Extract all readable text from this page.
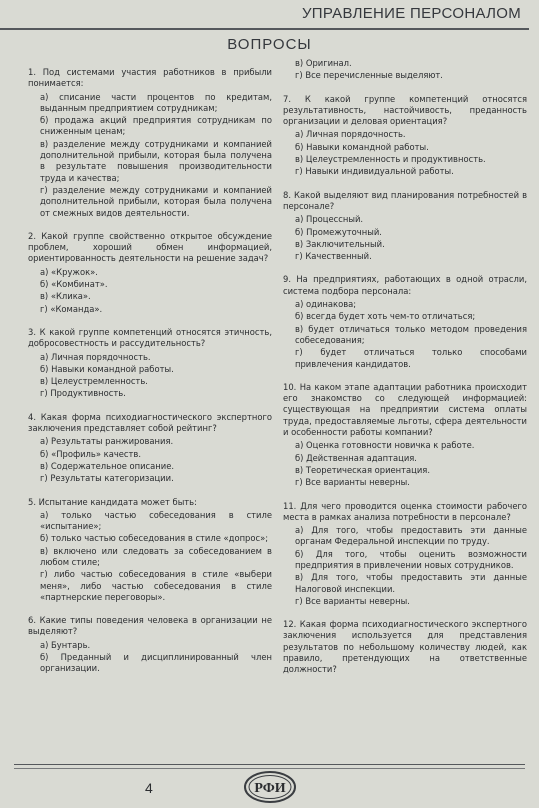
УПРАВЛЕНИЕ ПЕРСОНАЛОМ
ВОПРОСЫ
1. Под системами участия работников в прибыли понимается:
а) списание части процентов по кредитам, выданным предприятием сотрудникам;
б) продажа акций предприятия сотрудникам по сниженным ценам;
в) разделение между сотрудниками и компанией дополнительной прибыли, которая была получена в результате повышения производительности труда и качества;
г) разделение между сотрудниками и компанией дополнительной прибыли, которая была получена от смежных видов деятельности.
2. Какой группе свойственно открытое обсуждение проблем, хороший обмен информацией, ориентированность деятельности на решение задач?
а) «Кружок».
б) «Комбинат».
в) «Клика».
г) «Команда».
3. К какой группе компетенций относятся этичность, добросовестность и рассудительность?
а) Личная порядочность.
б) Навыки командной работы.
в) Целеустремленность.
г) Продуктивность.
4. Какая форма психодиагностического экспертного заключения представляет собой рейтинг?
а) Результаты ранжирования.
б) «Профиль» качеств.
в) Содержательное описание.
г) Результаты категоризации.
5. Испытание кандидата может быть:
а) только частью собеседования в стиле «испытание»;
б) только частью собеседования в стиле «допрос»;
в) включено или следовать за собеседованием в любом стиле;
г) либо частью собеседования в стиле «выбери меня», либо частью собеседования в стиле «партнерские переговоры».
6. Какие типы поведения человека в организации не выделяют?
а) Бунтарь.
б) Преданный и дисциплинированный член организации.
в) Оригинал.
г) Все перечисленные выделяют.
7. К какой группе компетенций относятся результативность, настойчивость, преданность организации и деловая ориентация?
а) Личная порядочность.
б) Навыки командной работы.
в) Целеустремленность и продуктивность.
г) Навыки индивидуальной работы.
8. Какой выделяют вид планирования потребностей в персонале?
а) Процессный.
б) Промежуточный.
в) Заключительный.
г) Качественный.
9. На предприятиях, работающих в одной отрасли, система подбора персонала:
а) одинакова;
б) всегда будет хоть чем-то отличаться;
в) будет отличаться только методом проведения собеседования;
г) будет отличаться только способами привлечения кандидатов.
10. На каком этапе адаптации работника происходит его знакомство со следующей информацией: существующая на предприятии система оплаты труда, предоставляемые льготы, сфера деятельности и особенности работы компании?
а) Оценка готовности новичка к работе.
б) Действенная адаптация.
в) Теоретическая ориентация.
г) Все варианты неверны.
11. Для чего проводится оценка стоимости рабочего места в рамках анализа потребности в персонале?
а) Для того, чтобы предоставить эти данные органам Федеральной инспекции по труду.
б) Для того, чтобы оценить возможности предприятия в привлечении новых сотрудников.
в) Для того, чтобы предоставить эти данные Налоговой инспекции.
г) Все варианты неверны.
12. Какая форма психодиагностического экспертного заключения используется для представления результатов по небольшому количеству людей, как правило, претендующих на ответственные должности?
4	РФИ
